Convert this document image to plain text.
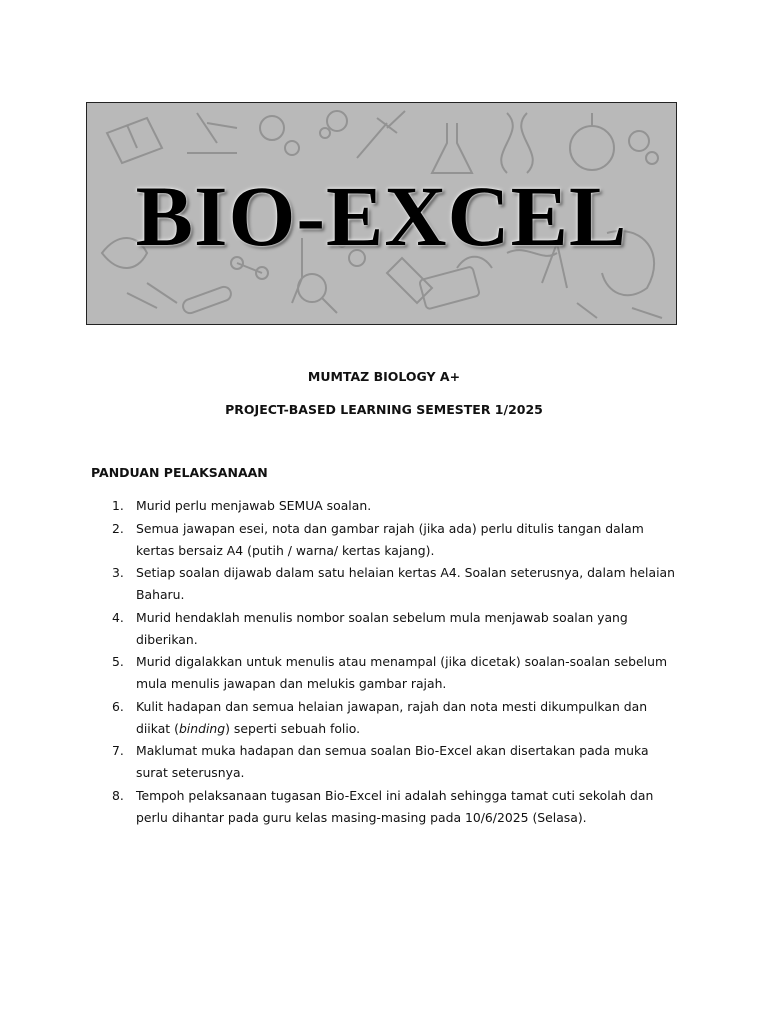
BIO-EXCEL

MUMTAZ BIOLOGY A+

PROJECT-BASED LEARNING SEMESTER 1/2025

PANDUAN PELAKSANAAN

1. Murid perlu menjawab SEMUA soalan.
2. Semua jawapan esei, nota dan gambar rajah (jika ada) perlu ditulis tangan dalam kertas bersaiz A4 (putih / warna/ kertas kajang).
3. Setiap soalan dijawab dalam satu helaian kertas A4. Soalan seterusnya, dalam helaian Baharu.
4. Murid hendaklah menulis nombor soalan sebelum mula menjawab soalan yang diberikan.
5. Murid digalakkan untuk menulis atau menampal (jika dicetak) soalan-soalan sebelum mula menulis jawapan dan melukis gambar rajah.
6. Kulit hadapan dan semua helaian jawapan, rajah dan nota mesti dikumpulkan dan diikat (binding) seperti sebuah folio.
7. Maklumat muka hadapan dan semua soalan Bio-Excel akan disertakan pada muka surat seterusnya.
8. Tempoh pelaksanaan tugasan Bio-Excel ini adalah sehingga tamat cuti sekolah dan perlu dihantar pada guru kelas masing-masing pada 10/6/2025 (Selasa).
